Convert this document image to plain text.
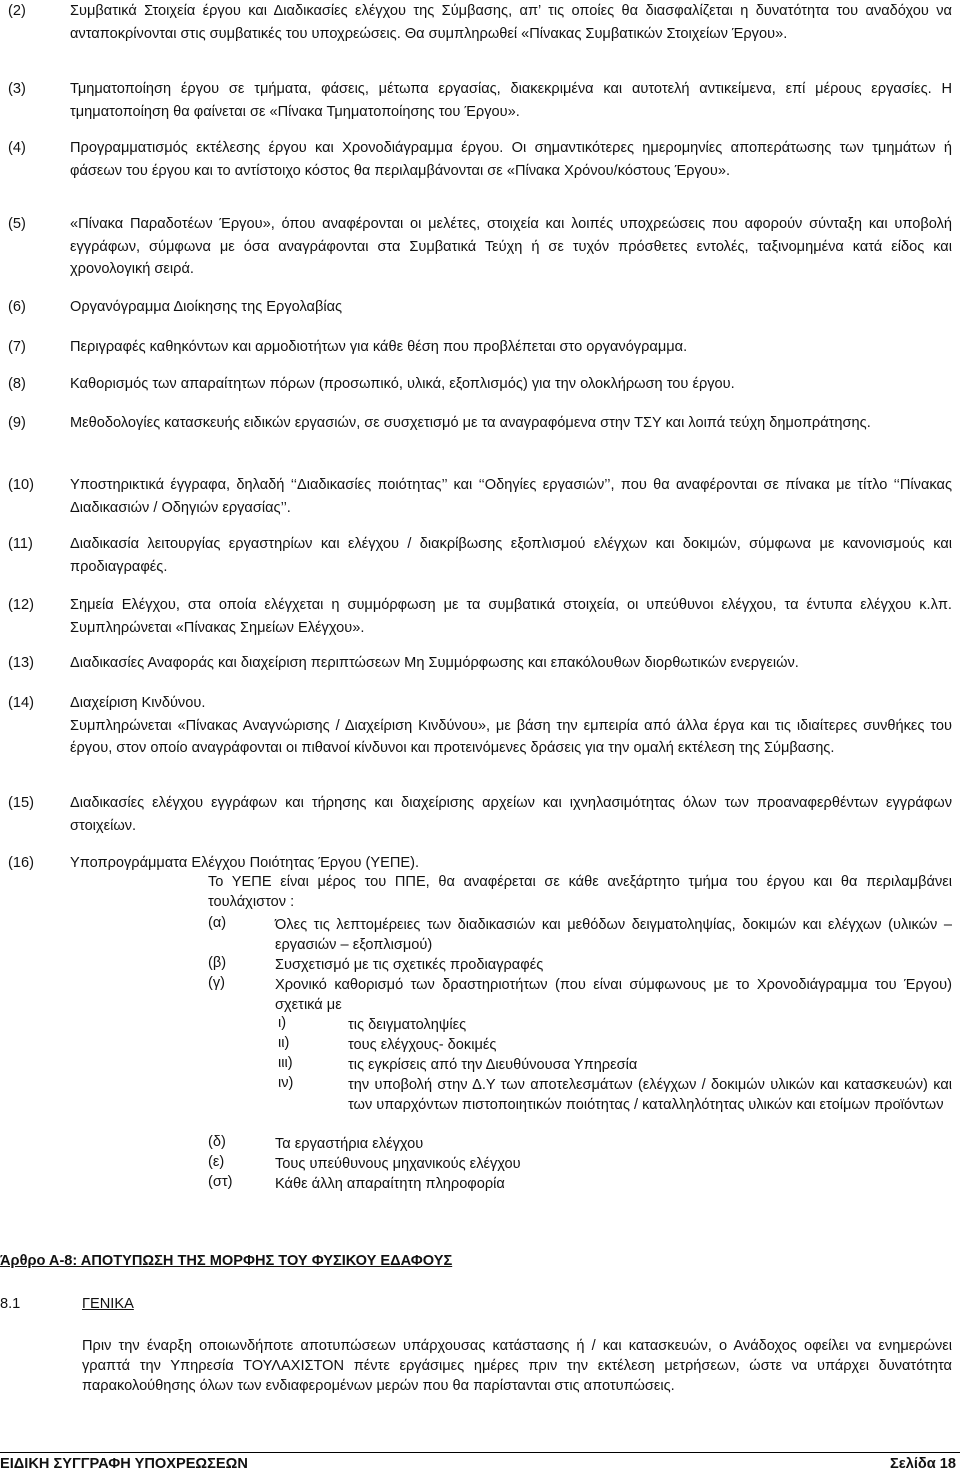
(2)	Συμβατικά Στοιχεία έργου και Διαδικασίες ελέγχου της Σύμβασης, απ’ τις οποίες θα διασφαλίζεται η δυνατότητα του αναδόχου να ανταποκρίνονται στις συμβατικές του υποχρεώσεις. Θα συμπληρωθεί «Πίνακας Συμβατικών Στοιχείων Έργου».
(3)	Τμηματοποίηση έργου σε τμήματα, φάσεις, μέτωπα εργασίας, διακεκριμένα και αυτοτελή αντικείμενα, επί μέρους εργασίες. Η τμηματοποίηση θα φαίνεται σε «Πίνακα Τμηματοποίησης του Έργου».
(4)	Προγραμματισμός εκτέλεσης έργου και Χρονοδιάγραμμα έργου. Οι σημαντικότερες ημερομηνίες αποπεράτωσης των τμημάτων ή φάσεων του έργου και το αντίστοιχο κόστος θα περιλαμβάνονται σε «Πίνακα Χρόνου/κόστους Έργου».
(5)	«Πίνακα Παραδοτέων Έργου», όπου αναφέρονται οι μελέτες, στοιχεία και λοιπές υποχρεώσεις που αφορούν σύνταξη και υποβολή εγγράφων, σύμφωνα με όσα αναγράφονται στα Συμβατικά Τεύχη ή σε τυχόν πρόσθετες εντολές, ταξινομημένα κατά είδος και χρονολογική σειρά.
(6)	Οργανόγραμμα Διοίκησης της Εργολαβίας
(7)	Περιγραφές καθηκόντων και αρμοδιοτήτων για κάθε θέση που προβλέπεται στο οργανόγραμμα.
(8)	Καθορισμός των απαραίτητων πόρων (προσωπικό, υλικά, εξοπλισμός) για την ολοκλήρωση του έργου.
(9)	Μεθοδολογίες κατασκευής ειδικών εργασιών, σε συσχετισμό με τα αναγραφόμενα στην ΤΣΥ και λοιπά τεύχη δημοπράτησης.
(10) Υποστηρικτικά έγγραφα, δηλαδή ‘‘Διαδικασίες ποιότητας’’ και ‘‘Οδηγίες εργασιών’’, που θα αναφέρονται σε πίνακα με τίτλο ‘‘Πίνακας Διαδικασιών / Οδηγιών εργασίας’’.
(11)	Διαδικασία λειτουργίας εργαστηρίων και ελέγχου / διακρίβωσης εξοπλισμού ελέγχων και δοκιμών, σύμφωνα με κανονισμούς και προδιαγραφές.
(12) Σημεία Ελέγχου, στα οποία ελέγχεται η συμμόρφωση με τα συμβατικά στοιχεία, οι υπεύθυνοι ελέγχου, τα έντυπα ελέγχου κ.λπ. Συμπληρώνεται «Πίνακας Σημείων Ελέγχου».
(13) Διαδικασίες Αναφοράς και διαχείριση περιπτώσεων Μη Συμμόρφωσης και επακόλουθων διορθωτικών ενεργειών.
(14) Διαχείριση Κινδύνου.
Συμπληρώνεται «Πίνακας Αναγνώρισης / Διαχείριση Κινδύνου», με βάση την εμπειρία από άλλα έργα και τις ιδιαίτερες συνθήκες του έργου, στον οποίο αναγράφονται οι πιθανοί κίνδυνοι και προτεινόμενες δράσεις για την ομαλή εκτέλεση της Σύμβασης.
(15) Διαδικασίες ελέγχου εγγράφων και τήρησης και διαχείρισης αρχείων και ιχνηλασιμότητας όλων των προαναφερθέντων εγγράφων στοιχείων.
(16) Υποπρογράμματα Ελέγχου Ποιότητας Έργου (ΥΕΠΕ).
Το ΥΕΠΕ είναι μέρος του ΠΠΕ, θα αναφέρεται σε κάθε ανεξάρτητο τμήμα του έργου και θα περιλαμβάνει τουλάχιστον :
(α)	Όλες τις λεπτομέρειες των διαδικασιών και μεθόδων δειγματοληψίας, δοκιμών και ελέγχων (υλικών – εργασιών – εξοπλισμού)
(β)	Συσχετισμό με τις σχετικές προδιαγραφές
(γ)	Χρονικό καθορισμό των δραστηριοτήτων (που είναι σύμφωνους με το Χρονοδιάγραμμα του Έργου) σχετικά με
ι)	τις δειγματοληψίες
ιι)	τους ελέγχους- δοκιμές
ιιι)	τις εγκρίσεις από την Διευθύνουσα Υπηρεσία
ιν)	την υποβολή στην Δ.Υ των αποτελεσμάτων (ελέγχων / δοκιμών υλικών και κατασκευών) και των υπαρχόντων πιστοποιητικών ποιότητας / καταλληλότητας υλικών και ετοίμων προϊόντων
(δ)	Τα εργαστήρια ελέγχου
(ε)	Τους υπεύθυνους μηχανικούς ελέγχου
(στ)	Κάθε άλλη απαραίτητη πληροφορία
Άρθρο Α-8: ΑΠΟΤΥΠΩΣΗ ΤΗΣ ΜΟΡΦΗΣ ΤΟΥ ΦΥΣΙΚΟΥ ΕΔΑΦΟΥΣ
8.1	ΓΕΝΙΚΑ
Πριν την έναρξη οποιωνδήποτε αποτυπώσεων υπάρχουσας κατάστασης ή / και κατασκευών, ο Ανάδοχος οφείλει να ενημερώνει γραπτά την Υπηρεσία ΤΟΥΛΑΧΙΣΤΟΝ πέντε εργάσιμες ημέρες πριν την εκτέλεση μετρήσεων, ώστε να υπάρχει δυνατότητα παρακολούθησης όλων των ενδιαφερομένων μερών που θα παρίστανται στις αποτυπώσεις.
ΕΙΔΙΚΗ ΣΥΓΓΡΑΦΗ ΥΠΟΧΡΕΩΣΕΩΝ	Σελίδα 18
